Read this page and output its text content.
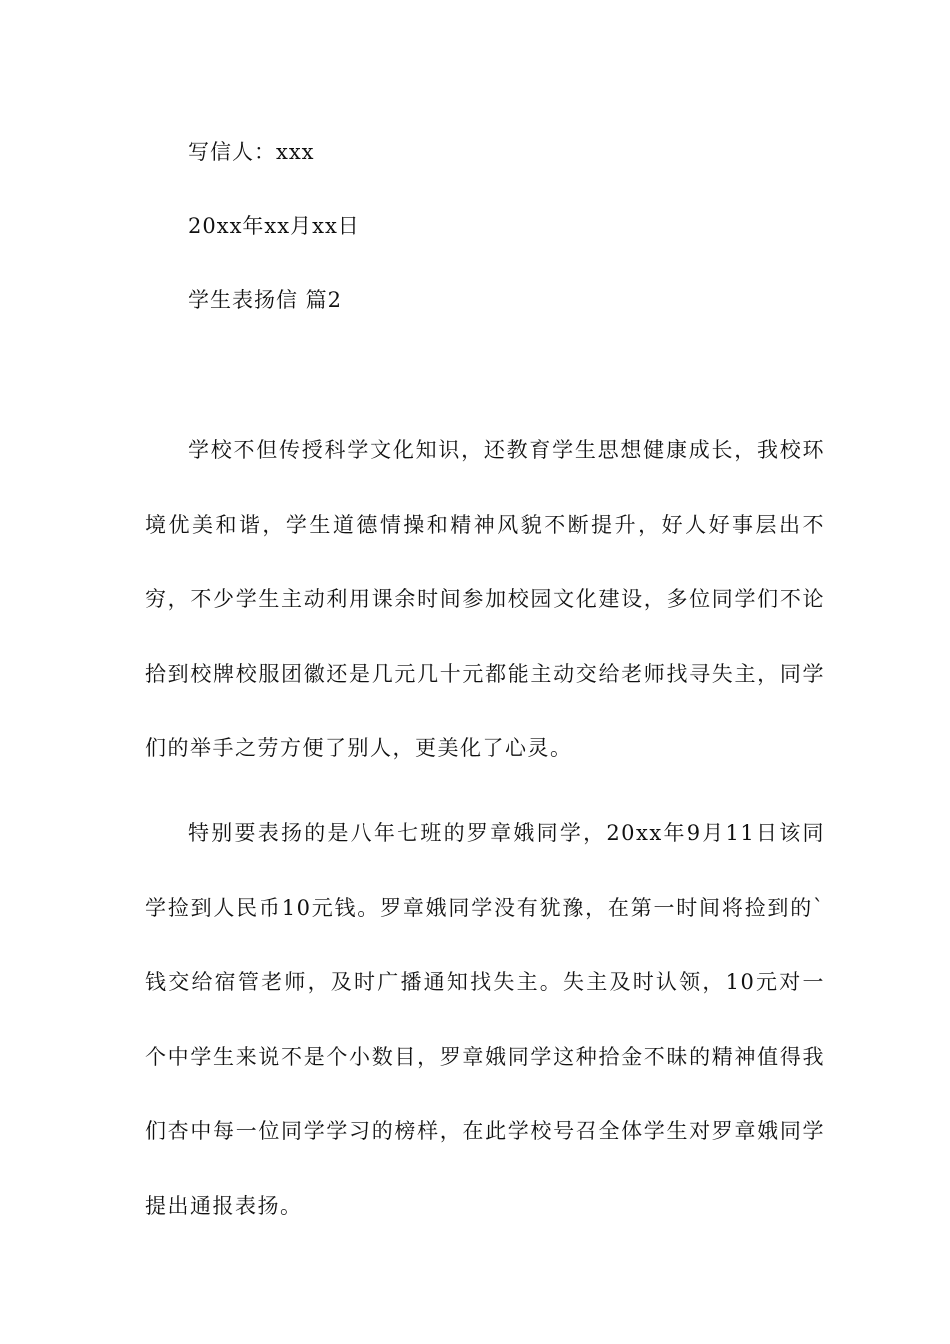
写信人：xxx
20xx年xx月xx日
学生表扬信 篇2

学校不但传授科学文化知识，还教育学生思想健康成长，我校环境优美和谐，学生道德情操和精神风貌不断提升，好人好事层出不穷，不少学生主动利用课余时间参加校园文化建设，多位同学们不论拾到校牌校服团徽还是几元几十元都能主动交给老师找寻失主，同学们的举手之劳方便了别人，更美化了心灵。

特别要表扬的是八年七班的罗章娥同学，20xx年9月11日该同学捡到人民币10元钱。罗章娥同学没有犹豫，在第一时间将捡到的`钱交给宿管老师，及时广播通知找失主。失主及时认领，10元对一个中学生来说不是个小数目，罗章娥同学这种拾金不昧的精神值得我们杏中每一位同学学习的榜样，在此学校号召全体学生对罗章娥同学提出通报表扬。
